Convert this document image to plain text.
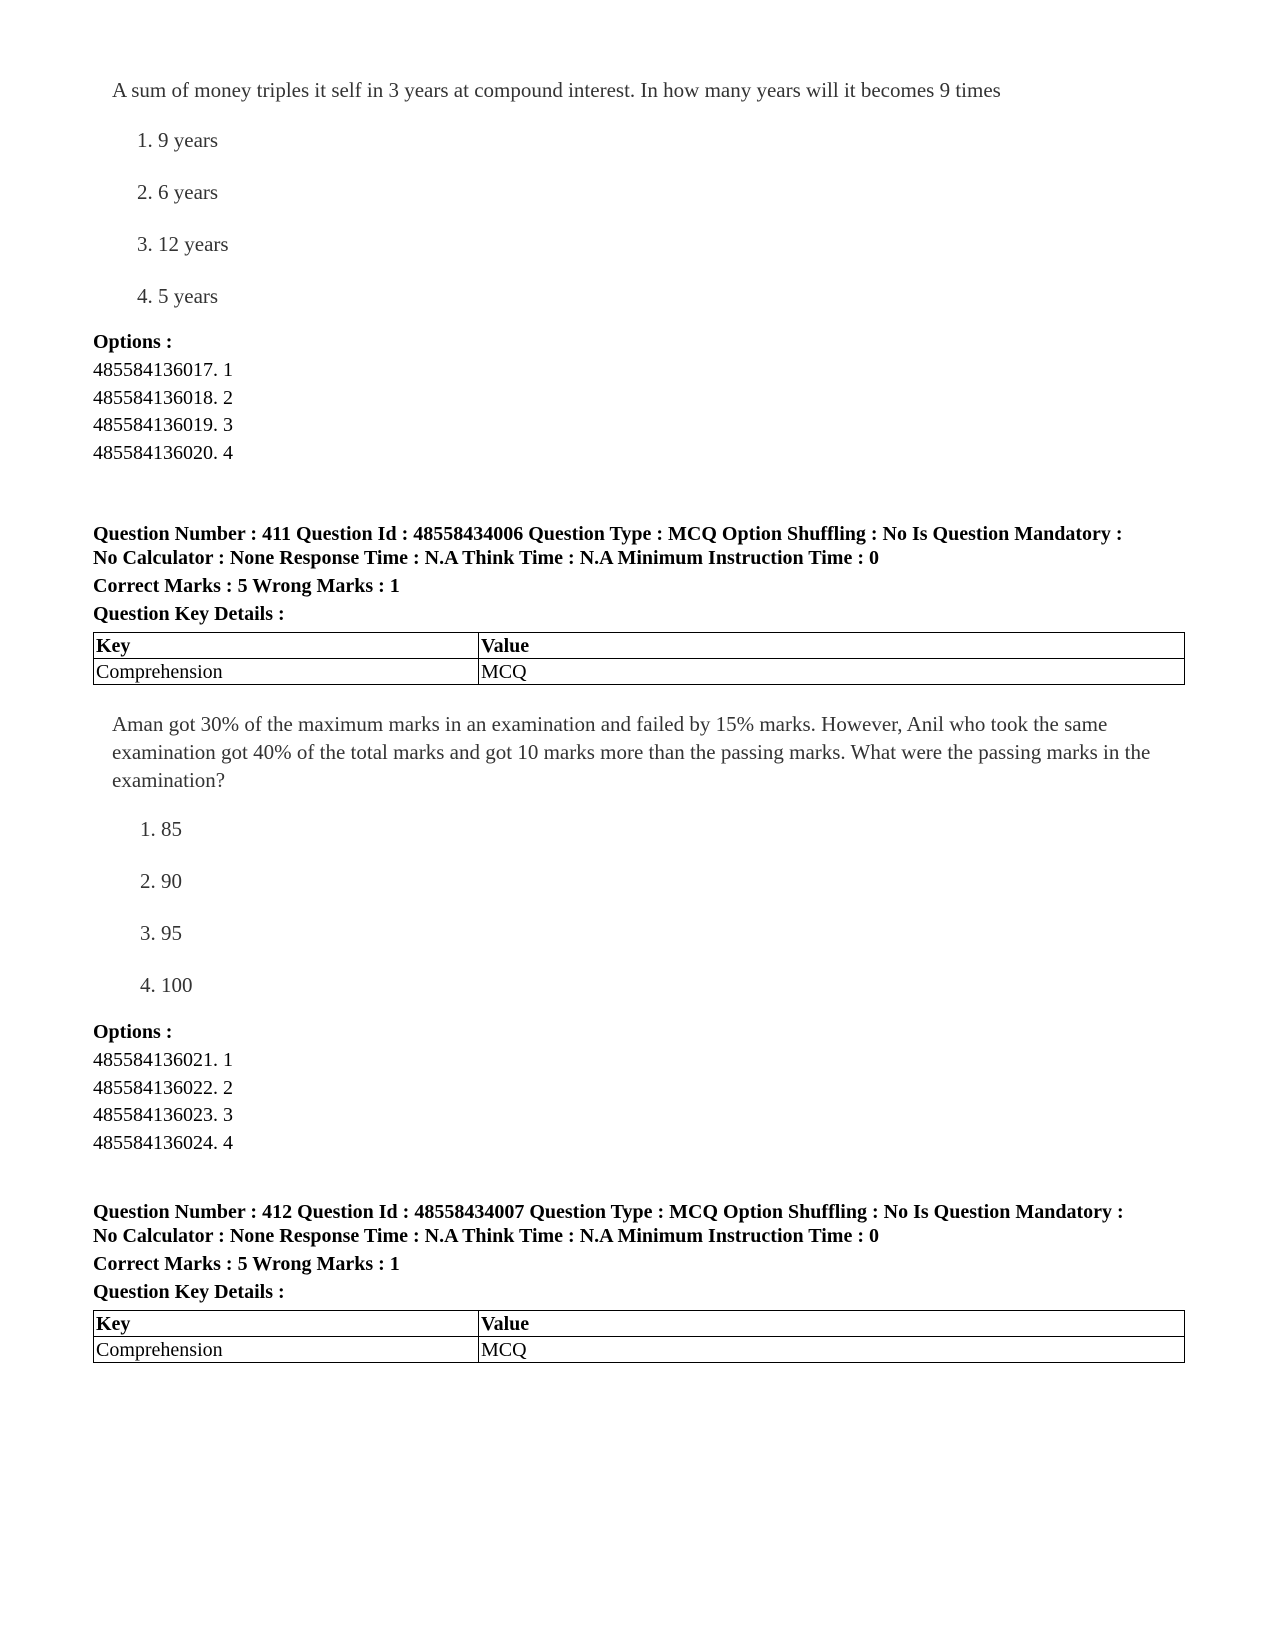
A sum of money triples it self in 3 years at compound interest. In how many years will it becomes 9 times
1. 9 years
2. 6 years
3. 12 years
4. 5 years
Options :
485584136017. 1
485584136018. 2
485584136019. 3
485584136020. 4
Question Number : 411 Question Id : 48558434006 Question Type : MCQ Option Shuffling : No Is Question Mandatory :
No Calculator : None Response Time : N.A Think Time : N.A Minimum Instruction Time : 0
Correct Marks : 5 Wrong Marks : 1
Question Key Details :
Key	Value
Comprehension	MCQ
Aman got 30% of the maximum marks in an examination and failed by 15% marks. However, Anil who took the same examination got 40% of the total marks and got 10 marks more than the passing marks. What were the passing marks in the examination?
1. 85
2. 90
3. 95
4. 100
Options :
485584136021. 1
485584136022. 2
485584136023. 3
485584136024. 4
Question Number : 412 Question Id : 48558434007 Question Type : MCQ Option Shuffling : No Is Question Mandatory :
No Calculator : None Response Time : N.A Think Time : N.A Minimum Instruction Time : 0
Correct Marks : 5 Wrong Marks : 1
Question Key Details :
Key	Value
Comprehension	MCQ
